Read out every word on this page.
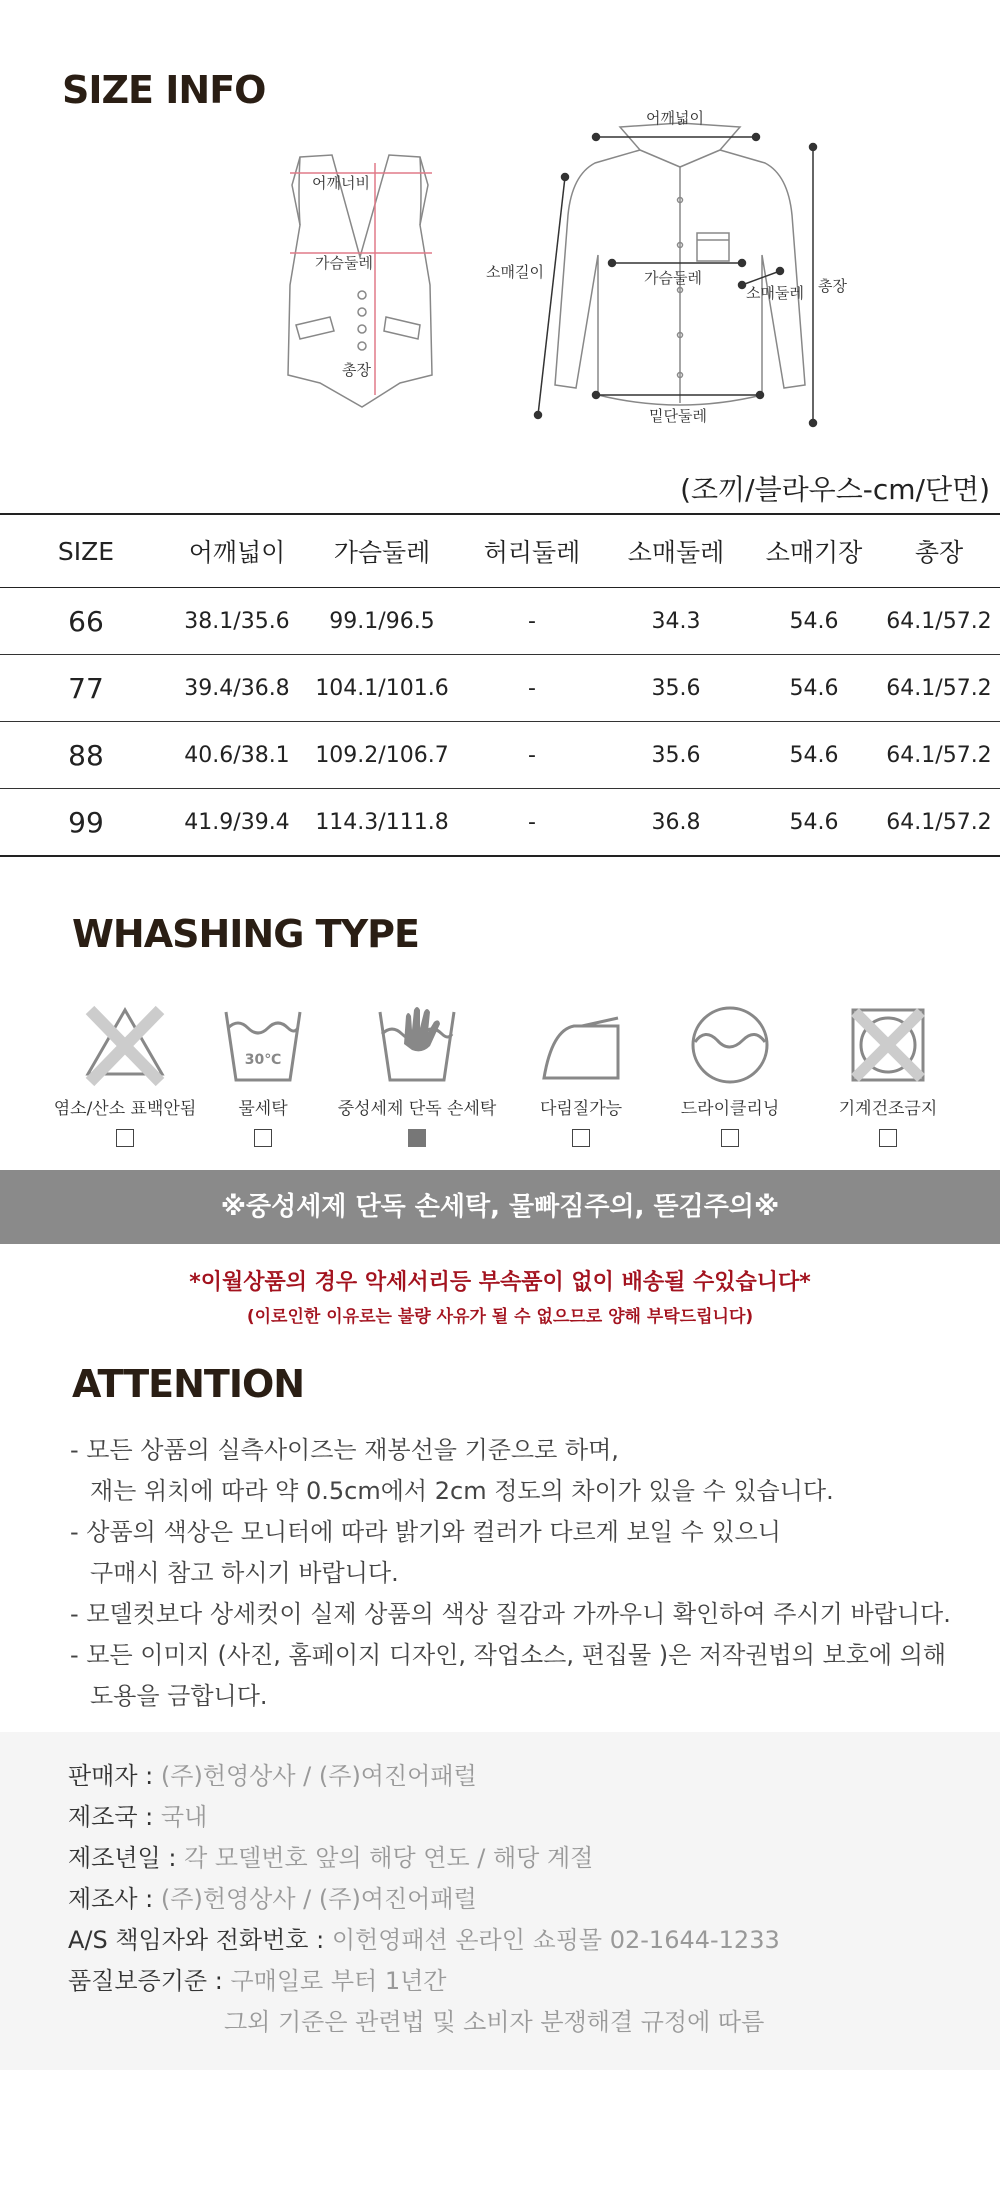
SIZE INFO
어깨너비
가슴둘레
총장
어깨넓이
소매길이	가슴둘레
소매둘레 총장
밑단둘레
(조끼/블라우스-cm/단면)
SIZE	어깨넓이	가슴둘레	허리둘레	소매둘레	소매기장	총장
66	38.1/35.6	99.1/96.5	-	34.3	54.6	64.1/57.2
77	39.4/36.8	104.1/101.6	-	35.6	54.6	64.1/57.2
88	40.6/38.1	109.2/106.7	-	35.6	54.6	64.1/57.2
99	41.9/39.4	114.3/111.8	-	36.8	54.6	64.1/57.2
WHASHING TYPE
염소/산소 표백안됨
30℃
물세탁	중성세제 단독 손세탁	다림질가능	드라이클리닝	기계건조금지
※중성세제 단독 손세탁, 물빠짐주의, 뜯김주의※
*이월상품의 경우 악세서리등 부속품이 없이 배송될 수있습니다*
(이로인한 이유로는 불량 사유가 될 수 없으므로 양해 부탁드립니다)
ATTENTION
- 모든 상품의 실측사이즈는 재봉선을 기준으로 하며,
재는 위치에 따라 약 0.5cm에서 2cm 정도의 차이가 있을 수 있습니다.
- 상품의 색상은 모니터에 따라 밝기와 컬러가 다르게 보일 수 있으니
구매시 참고 하시기 바랍니다.
- 모델컷보다 상세컷이 실제 상품의 색상 질감과 가까우니 확인하여 주시기 바랍니다.
- 모든 이미지 (사진, 홈페이지 디자인, 작업소스, 편집물 )은 저작권법의 보호에 의해
도용을 금합니다.
판매자 : (주)헌영상사 / (주)여진어패럴
제조국 : 국내
제조년일 : 각 모델번호 앞의 해당 연도 / 해당 계절
제조사 : (주)헌영상사 / (주)여진어패럴
A/S 책임자와 전화번호 : 이헌영패션 온라인 쇼핑몰 02-1644-1233
품질보증기준 : 구매일로 부터 1년간
그외 기준은 관련법 및 소비자 분쟁해결 규정에 따름
